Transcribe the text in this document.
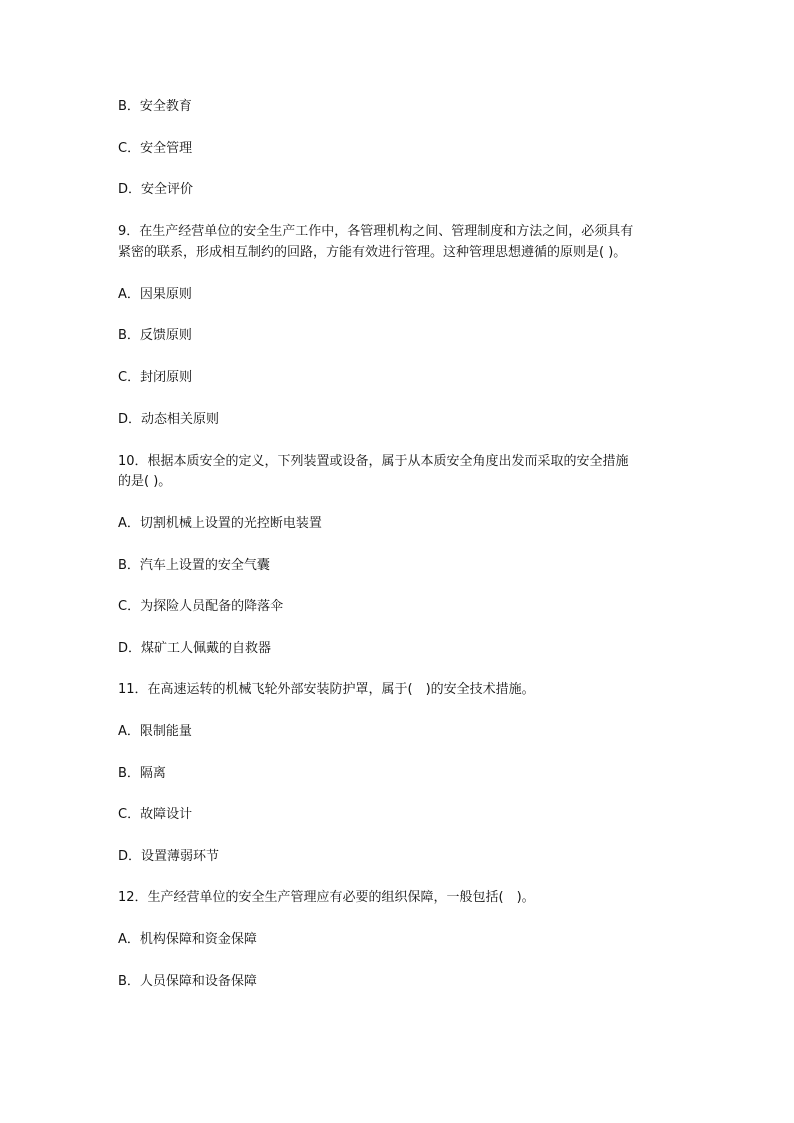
B．安全教育
C．安全管理
D．安全评价
9．在生产经营单位的安全生产工作中，各管理机构之间、管理制度和方法之间，必须具有
紧密的联系，形成相互制约的回路，方能有效进行管理。这种管理思想遵循的原则是( )。
A．因果原则
B．反馈原则
C．封闭原则
D．动态相关原则
10．根据本质安全的定义，下列装置或设备，属于从本质安全角度出发而采取的安全措施
的是( )。
A．切割机械上设置的光控断电装置
B．汽车上设置的安全气囊
C．为探险人员配备的降落伞
D．煤矿工人佩戴的自救器
11．在高速运转的机械飞轮外部安装防护罩，属于(　)的安全技术措施。
A．限制能量
B．隔离
C．故障设计
D．设置薄弱环节
12．生产经营单位的安全生产管理应有必要的组织保障，一般包括(　)。
A．机构保障和资金保障
B．人员保障和设备保障
